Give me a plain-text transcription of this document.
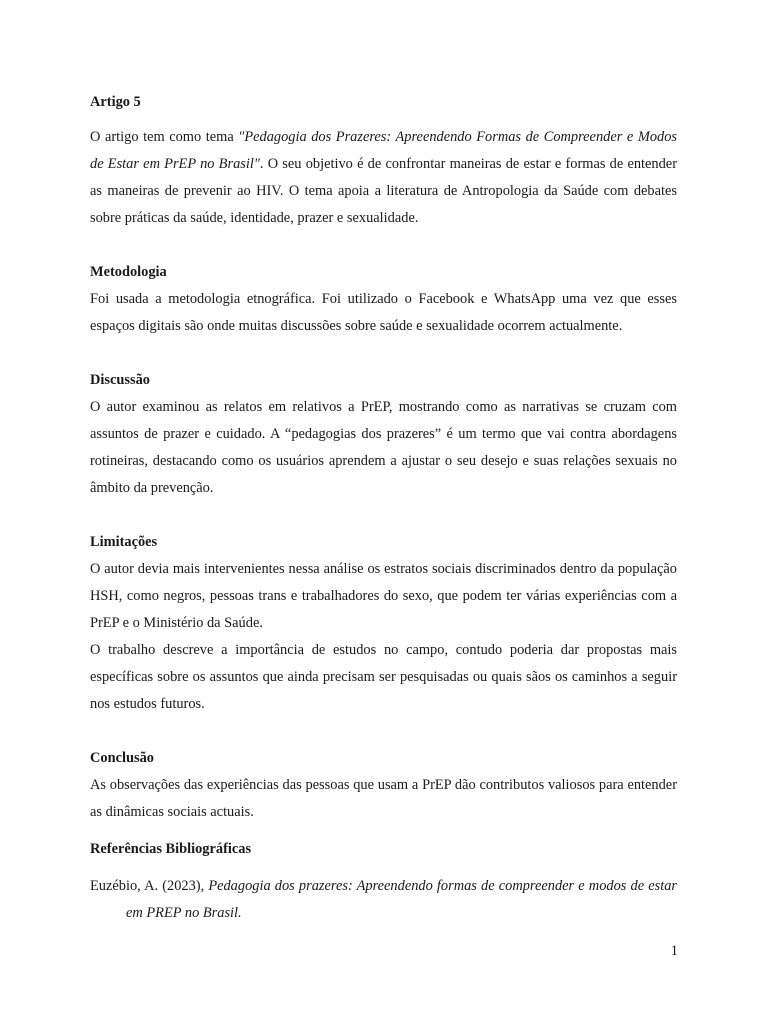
Artigo 5

O artigo tem como tema "Pedagogia dos Prazeres: Apreendendo Formas de Compreender e Modos de Estar em PrEP no Brasil". O seu objetivo é de confrontar maneiras de estar e formas de entender as maneiras de prevenir ao HIV. O tema apoia a literatura de Antropologia da Saúde com debates sobre práticas da saúde, identidade, prazer e sexualidade.

Metodologia

Foi usada a metodologia etnográfica. Foi utilizado o Facebook e WhatsApp uma vez que esses espaços digitais são onde muitas discussões sobre saúde e sexualidade ocorrem actualmente.

Discussão

O autor examinou as relatos em relativos a PrEP, mostrando como as narrativas se cruzam com assuntos de prazer e cuidado. A “pedagogias dos prazeres” é um termo que vai contra abordagens rotineiras, destacando como os usuários aprendem a ajustar o seu desejo e suas relações sexuais no âmbito da prevenção.

Limitações

O autor devia mais intervenientes nessa análise os estratos sociais discriminados dentro da população HSH, como negros, pessoas trans e trabalhadores do sexo, que podem ter várias experiências com a PrEP e o Ministério da Saúde.

O trabalho descreve a importância de estudos no campo, contudo poderia dar propostas mais específicas sobre os assuntos que ainda precisam ser pesquisadas ou quais sãos os caminhos a seguir nos estudos futuros.

Conclusão

As observações das experiências das pessoas que usam a PrEP dão contributos valiosos para entender as dinâmicas sociais actuais.

Referências Bibliográficas

Euzébio, A. (2023), Pedagogia dos prazeres: Apreendendo formas de compreender e modos de estar em PREP no Brasil.

1
